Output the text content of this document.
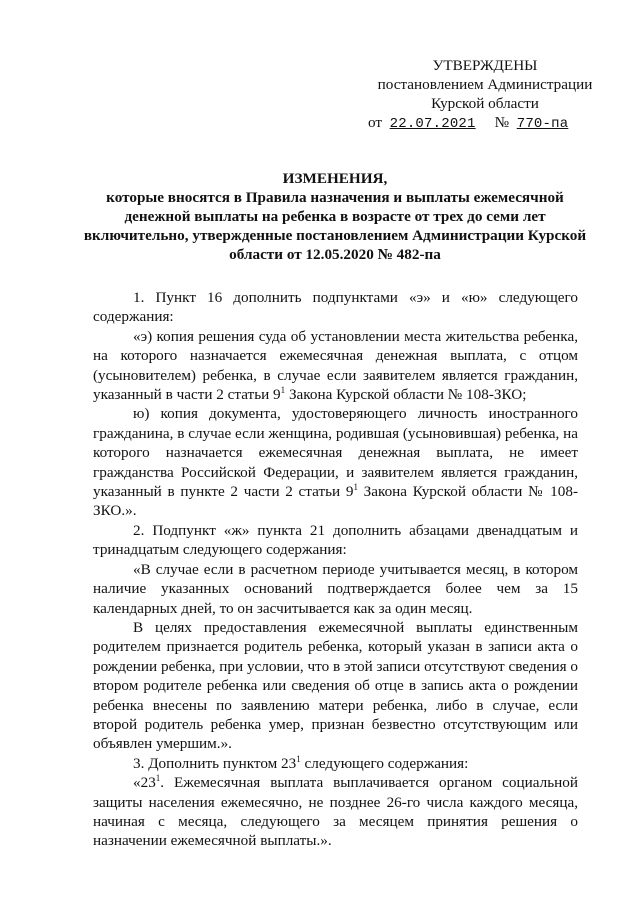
УТВЕРЖДЕНЫ
постановлением Администрации
Курской области
от 22.07.2021 № 770-па
ИЗМЕНЕНИЯ,
которые вносятся в Правила назначения и выплаты ежемесячной денежной выплаты на ребенка в возрасте от трех до семи лет включительно, утвержденные постановлением Администрации Курской области от 12.05.2020 № 482-па

1. Пункт 16 дополнить подпунктами «э» и «ю» следующего содержания:

«э) копия решения суда об установлении места жительства ребенка, на которого назначается ежемесячная денежная выплата, с отцом (усыновителем) ребенка, в случае если заявителем является гражданин, указанный в части 2 статьи $9^1$ Закона Курской области № 108-ЗКО;

ю) копия документа, удостоверяющего личность иностранного гражданина, в случае если женщина, родившая (усыновившая) ребенка, на которого назначается ежемесячная денежная выплата, не имеет гражданства Российской Федерации, и заявителем является гражданин, указанный в пункте 2 части 2 статьи $9^1$ Закона Курской области № 108-ЗКО.».

2. Подпункт «ж» пункта 21 дополнить абзацами двенадцатым и тринадцатым следующего содержания:

«В случае если в расчетном периоде учитывается месяц, в котором наличие указанных оснований подтверждается более чем за 15 календарных дней, то он засчитывается как за один месяц.

В целях предоставления ежемесячной выплаты единственным родителем признается родитель ребенка, который указан в записи акта о рождении ребенка, при условии, что в этой записи отсутствуют сведения о втором родителе ребенка или сведения об отце в запись акта о рождении ребенка внесены по заявлению матери ребенка, либо в случае, если второй родитель ребенка умер, признан безвестно отсутствующим или объявлен умершим.».

3. Дополнить пунктом $23^1$ следующего содержания:

«$23^1$. Ежемесячная выплата выплачивается органом социальной защиты населения ежемесячно, не позднее 26-го числа каждого месяца, начиная с месяца, следующего за месяцем принятия решения о назначении ежемесячной выплаты.».
